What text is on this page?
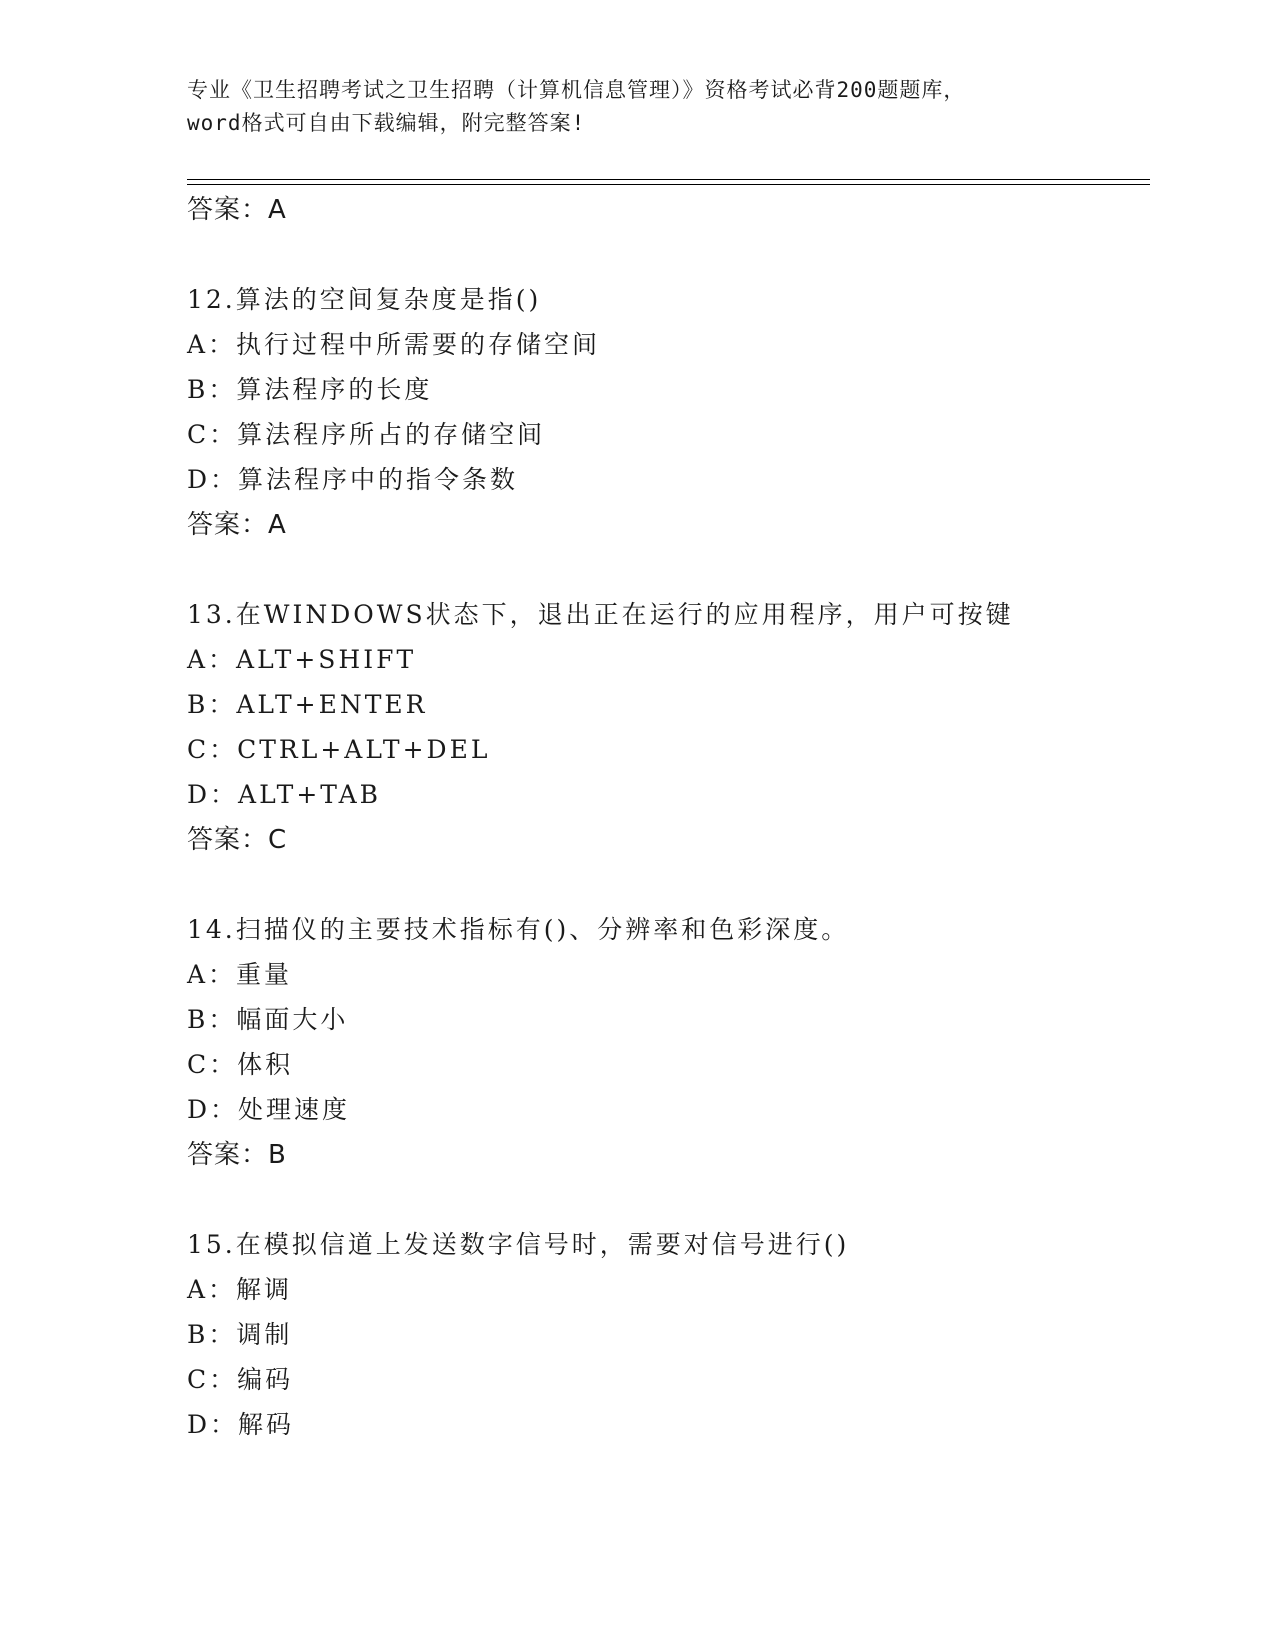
专业《卫生招聘考试之卫生招聘（计算机信息管理）》资格考试必背200题题库，
word格式可自由下载编辑，附完整答案!
答案：A
12.算法的空间复杂度是指()
A：执行过程中所需要的存储空间
B：算法程序的长度
C：算法程序所占的存储空间
D：算法程序中的指令条数
答案：A
13.在WINDOWS状态下，退出正在运行的应用程序，用户可按键
A：ALT+SHIFT
B：ALT+ENTER
C：CTRL+ALT+DEL
D：ALT+TAB
答案：C
14.扫描仪的主要技术指标有()、分辨率和色彩深度。
A：重量
B：幅面大小
C：体积
D：处理速度
答案：B
15.在模拟信道上发送数字信号时，需要对信号进行()
A：解调
B：调制
C：编码
D：解码
